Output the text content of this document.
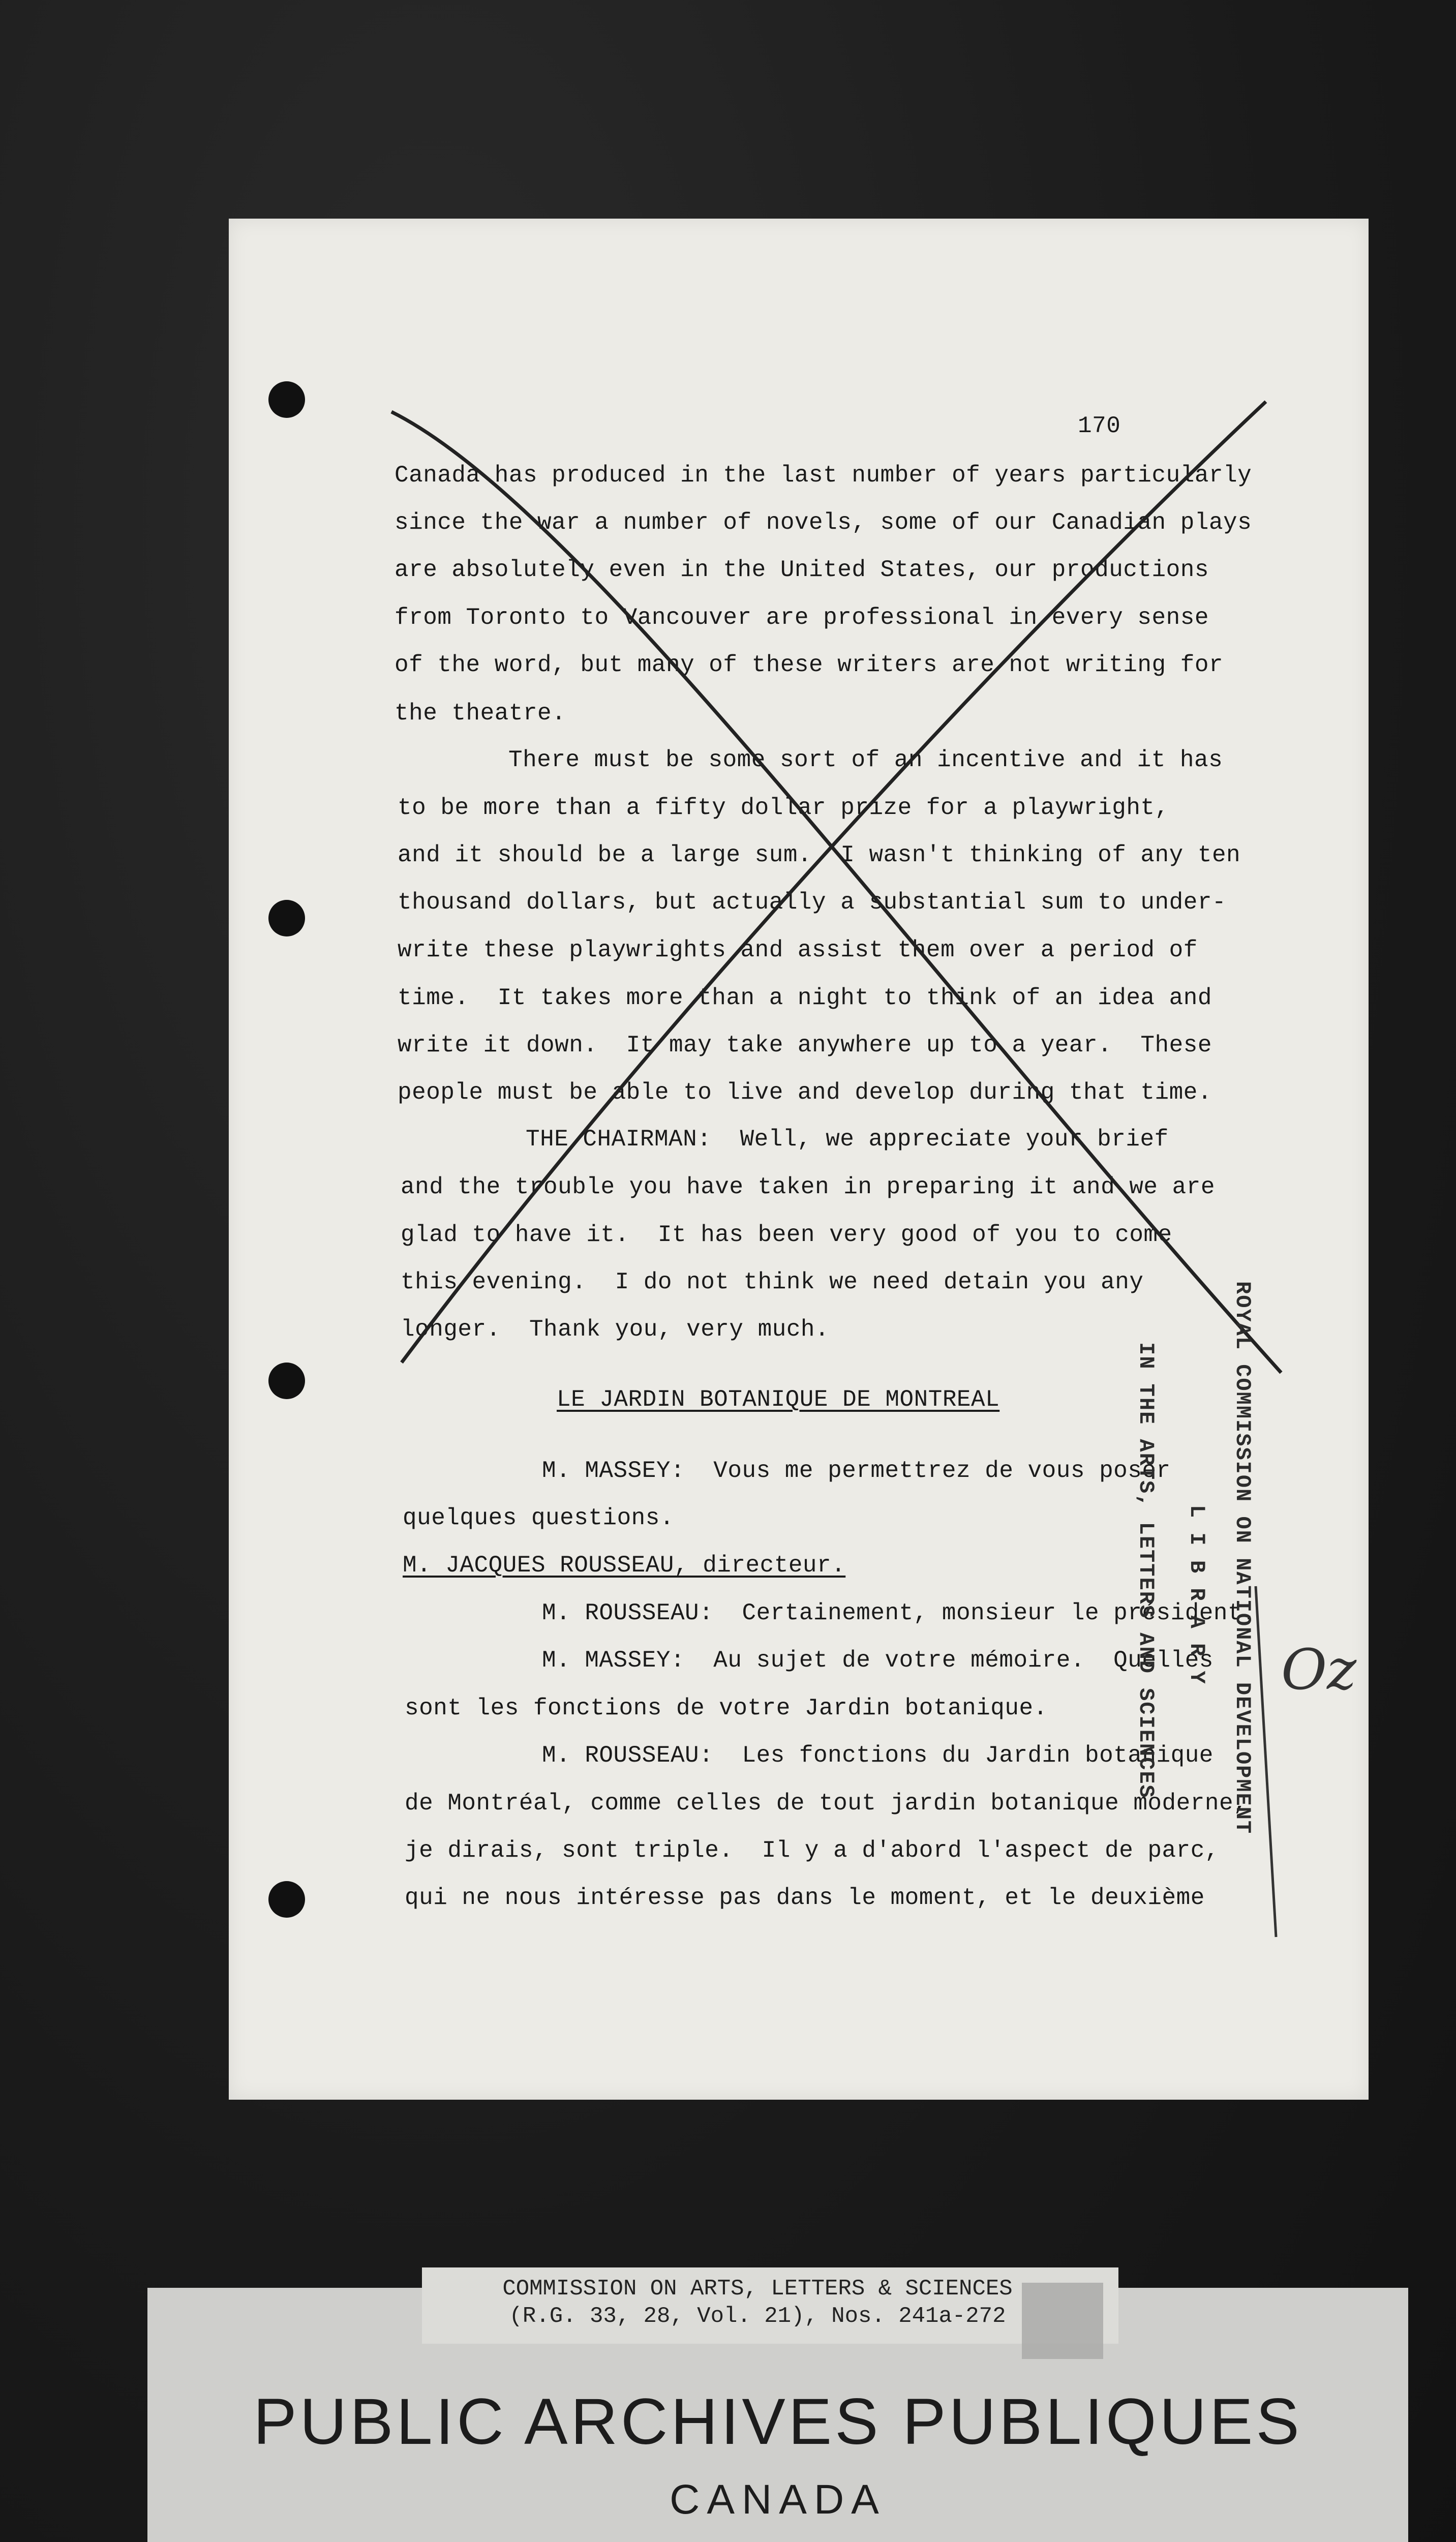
170
Canada has produced in the last number of years particularly
since the war a number of novels, some of our Canadian plays
are absolutely even in the United States, our productions
from Toronto to Vancouver are professional in every sense
of the word, but many of these writers are not writing for
the theatre.
There must be some sort of an incentive and it has
to be more than a fifty dollar prize for a playwright,
and it should be a large sum.  I wasn't thinking of any ten
thousand dollars, but actually a substantial sum to under-
write these playwrights and assist them over a period of
time.  It takes more than a night to think of an idea and
write it down.  It may take anywhere up to a year.  These
people must be able to live and develop during that time.
THE CHAIRMAN:  Well, we appreciate your brief
and the trouble you have taken in preparing it and we are
glad to have it.  It has been very good of you to come
this evening.  I do not think we need detain you any
longer.  Thank you, very much.
LE JARDIN BOTANIQUE DE MONTREAL
M. MASSEY:  Vous me permettrez de vous poser
quelques questions.
M. JACQUES ROUSSEAU, directeur.
M. ROUSSEAU:  Certainement, monsieur le président.
M. MASSEY:  Au sujet de votre mémoire.  Quelles
sont les fonctions de votre Jardin botanique.
M. ROUSSEAU:  Les fonctions du Jardin botanique
de Montréal, comme celles de tout jardin botanique moderne,
je dirais, sont triple.  Il y a d'abord l'aspect de parc,
qui ne nous intéresse pas dans le moment, et le deuxième
ROYAL COMMISSION ON NATIONAL DEVELOPMENT
L I B R A R Y
IN THE ARTS, LETTERS AND SCIENCES Oz
COMMISSION ON ARTS, LETTERS & SCIENCES
(R.G. 33, 28, Vol. 21), Nos. 241a-272
PUBLIC ARCHIVES PUBLIQUES
CANADA
